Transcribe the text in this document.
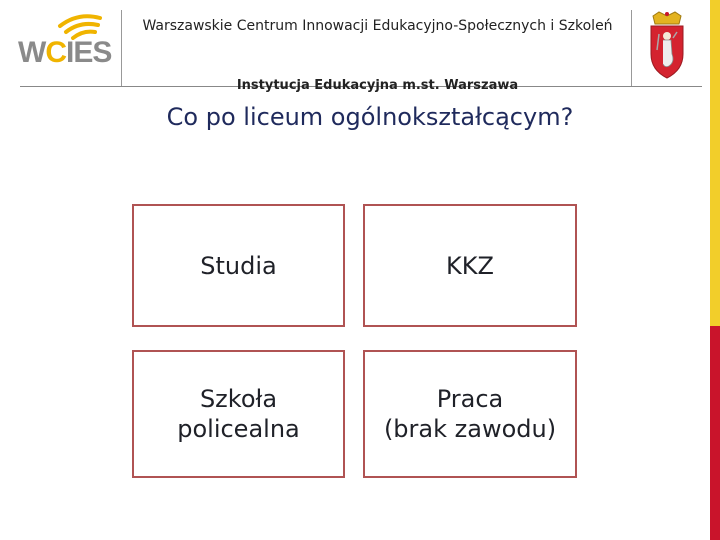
WCIES
Warszawskie Centrum Innowacji Edukacyjno-Społecznych i Szkoleń
Instytucja Edukacyjna m.st. Warszawa
Co po liceum ogólnokształcącym?
Studia	KKZ
Szkoła
policealna
Praca
(brak zawodu)
